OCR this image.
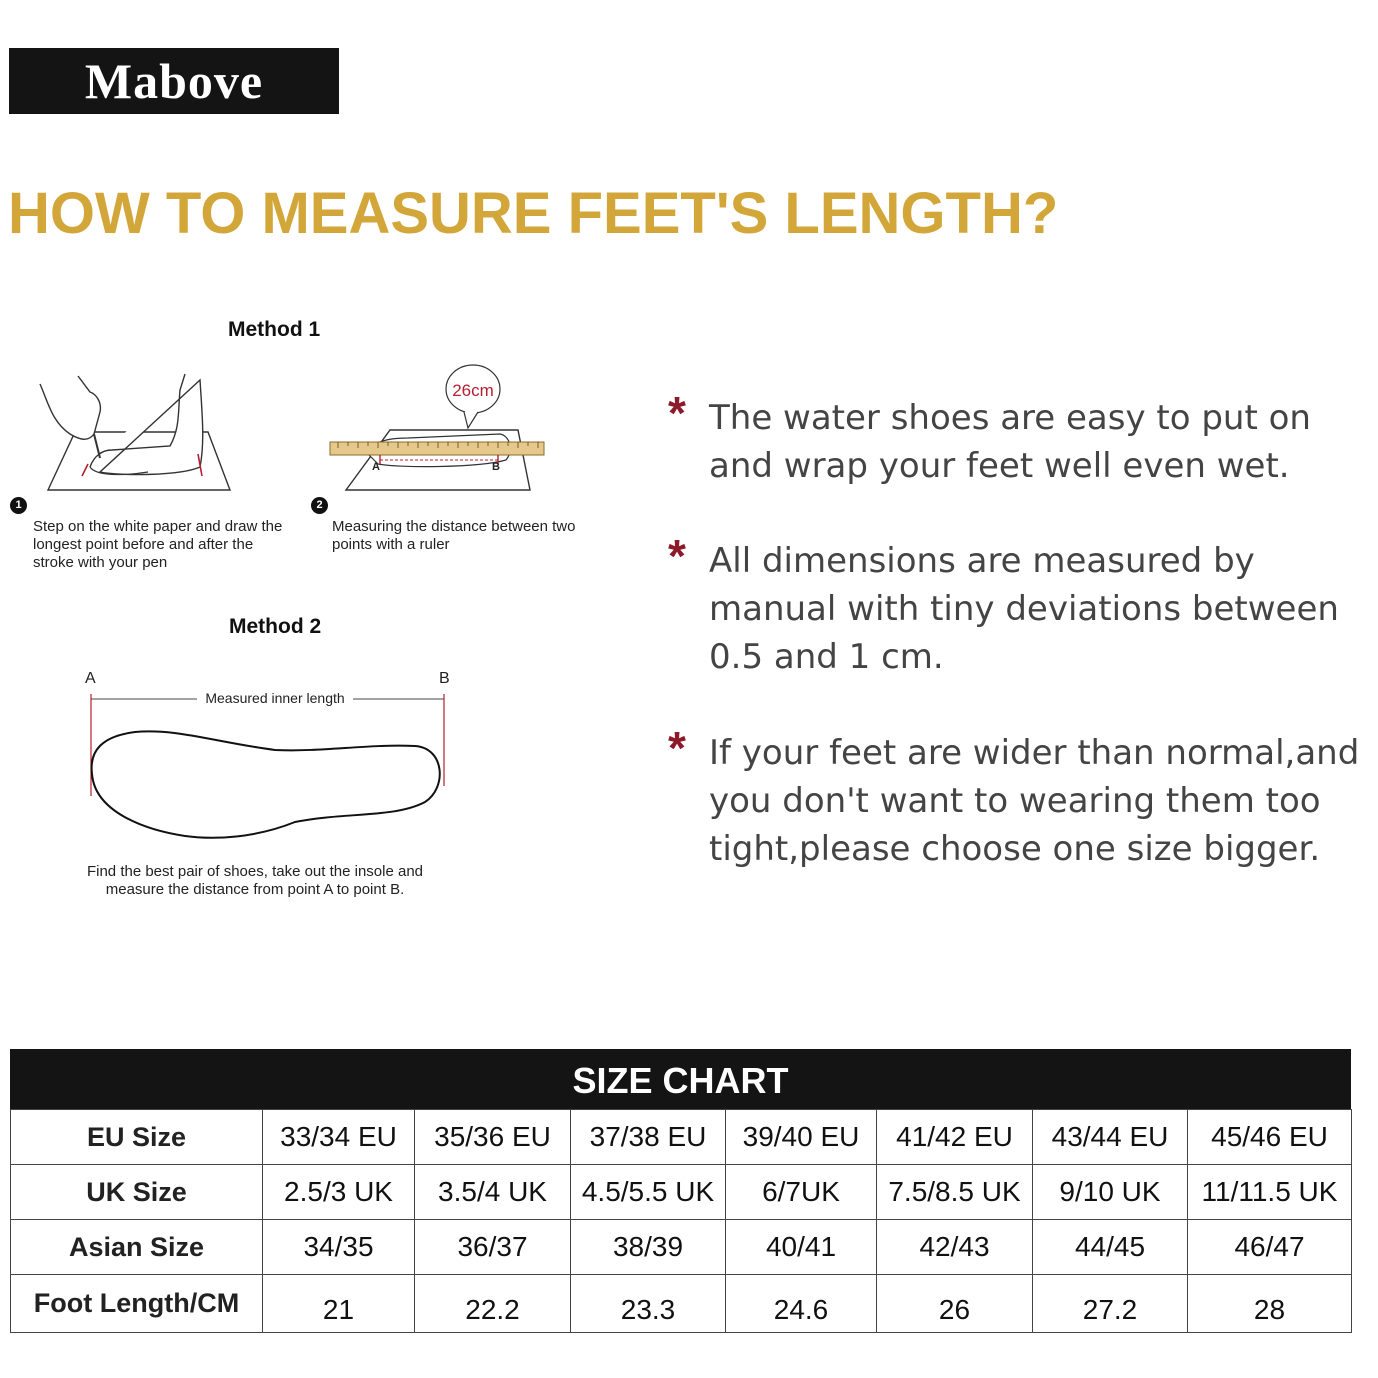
Mabove
HOW TO MEASURE FEET'S LENGTH?
Method 1
1
Step on the white paper and draw the longest point before and after the stroke with your pen
A	B
26cm
2
Measuring the distance between two points with a ruler
Method 2
A	B
Measured inner length
Find the best pair of shoes, take out the insole and measure the distance from point A to point B.
* The water shoes are easy to put on and wrap your feet well even wet.

* All dimensions are measured by manual with tiny deviations between 0.5 and 1 cm.

* If your feet are wider than normal,and you don't want to wearing them too tight,please choose one size bigger.

SIZE CHART
EU Size	33/34 EU	35/36 EU	37/38 EU	39/40 EU	41/42 EU	43/44 EU	45/46 EU
UK Size	2.5/3 UK	3.5/4 UK	4.5/5.5 UK	6/7UK	7.5/8.5 UK	9/10 UK	11/11.5 UK
Asian Size	34/35	36/37	38/39	40/41	42/43	44/45	46/47
Foot Length/CM	21	22.2	23.3	24.6	26	27.2	28
